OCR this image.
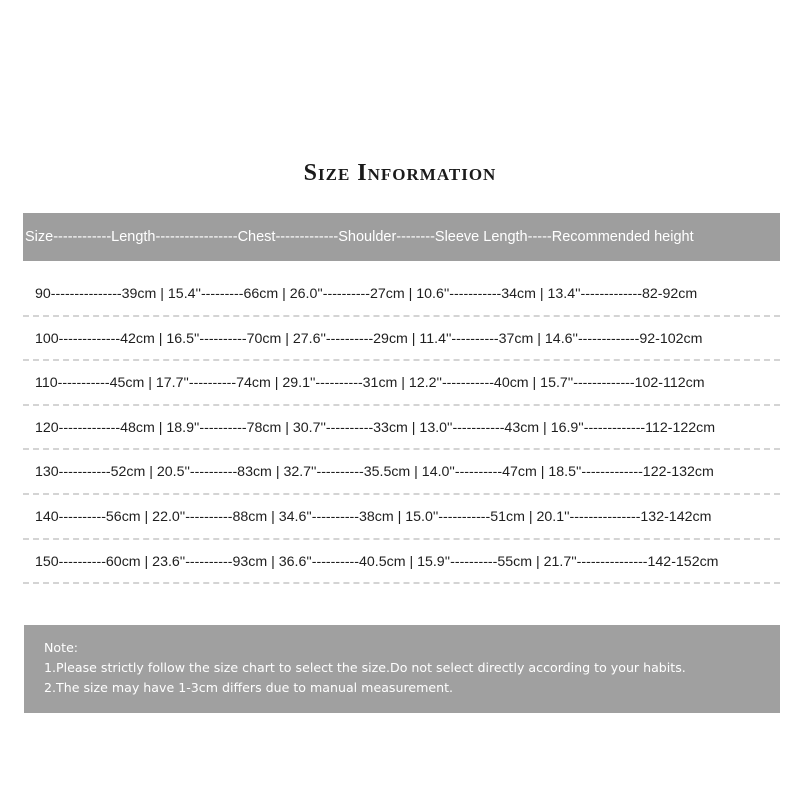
Size Information
Size------------Length-----------------Chest-------------Shoulder--------Sleeve Length-----Recommended height
90---------------39cm | 15.4''---------66cm | 26.0''----------27cm | 10.6''-----------34cm | 13.4''-------------82-92cm
100-------------42cm | 16.5''----------70cm | 27.6''----------29cm | 11.4''----------37cm | 14.6''-------------92-102cm
110-----------45cm | 17.7''----------74cm | 29.1''----------31cm | 12.2''-----------40cm | 15.7''-------------102-112cm
120-------------48cm | 18.9''----------78cm | 30.7''----------33cm | 13.0''-----------43cm | 16.9''-------------112-122cm
130-----------52cm | 20.5''----------83cm | 32.7''----------35.5cm | 14.0''----------47cm | 18.5''-------------122-132cm
140----------56cm | 22.0''----------88cm | 34.6''----------38cm | 15.0''-----------51cm | 20.1''---------------132-142cm
150----------60cm | 23.6''----------93cm | 36.6''----------40.5cm | 15.9''----------55cm | 21.7''---------------142-152cm
Note:
1.Please strictly follow the size chart to select the size.Do not select directly according to your habits.
2.The size may have 1-3cm differs due to manual measurement.
